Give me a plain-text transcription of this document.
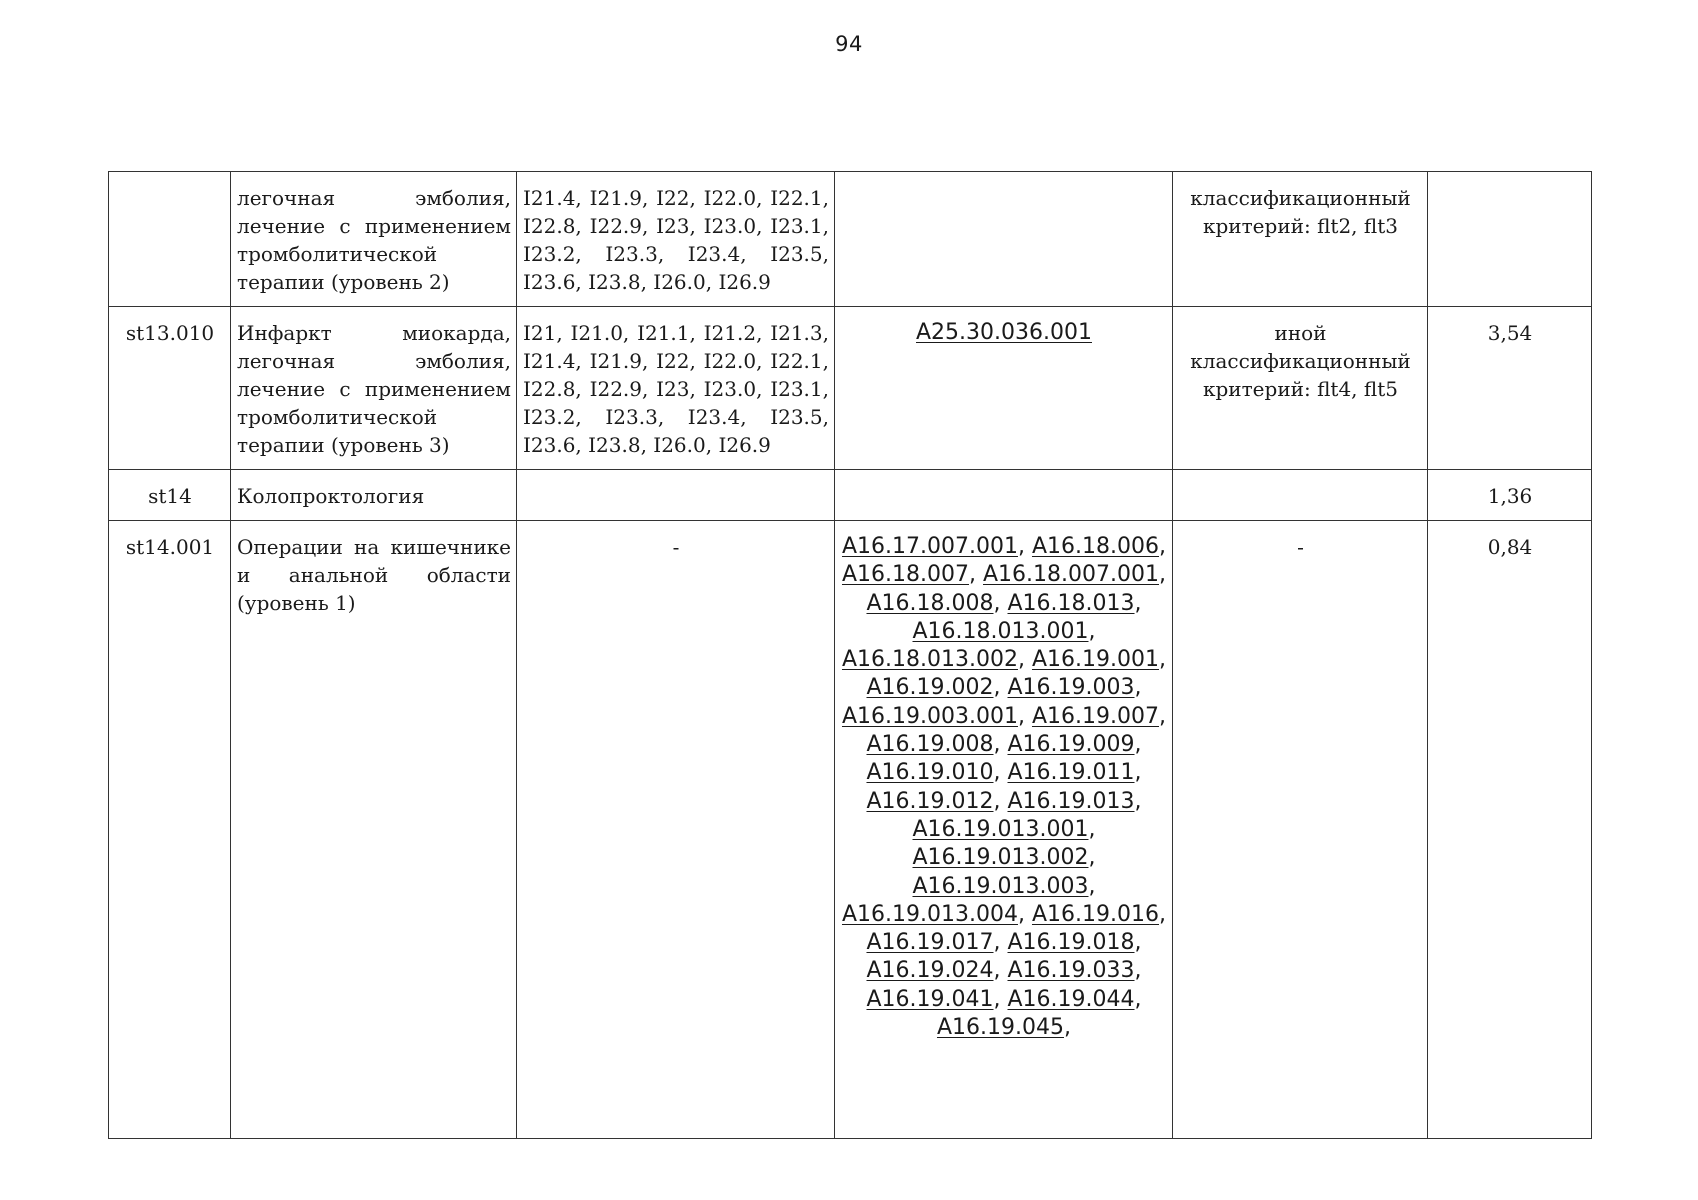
94
	легочная эмболия, лечение с применением тромболитической терапии (уровень 2)	I21.4, I21.9, I22, I22.0, I22.1, I22.8, I22.9, I23, I23.0, I23.1, I23.2, I23.3, I23.4, I23.5, I23.6, I23.8, I26.0, I26.9		классификационный критерий: flt2, flt3	
st13.010	Инфаркт миокарда, легочная эмболия, лечение с применением тромболитической терапии (уровень 3)	I21, I21.0, I21.1, I21.2, I21.3, I21.4, I21.9, I22, I22.0, I22.1, I22.8, I22.9, I23, I23.0, I23.1, I23.2, I23.3, I23.4, I23.5, I23.6, I23.8, I26.0, I26.9	A25.30.036.001	иной классификационный критерий: flt4, flt5	3,54
st14	Колопроктология				1,36
st14.001	Операции на кишечнике и анальной области (уровень 1)	-	A16.17.007.001, A16.18.006, A16.18.007, A16.18.007.001, A16.18.008, A16.18.013, A16.18.013.001, A16.18.013.002, A16.19.001, A16.19.002, A16.19.003, A16.19.003.001, A16.19.007, A16.19.008, A16.19.009, A16.19.010, A16.19.011, A16.19.012, A16.19.013, A16.19.013.001, A16.19.013.002, A16.19.013.003, A16.19.013.004, A16.19.016, A16.19.017, A16.19.018, A16.19.024, A16.19.033, A16.19.041, A16.19.044, A16.19.045,	-	0,84
